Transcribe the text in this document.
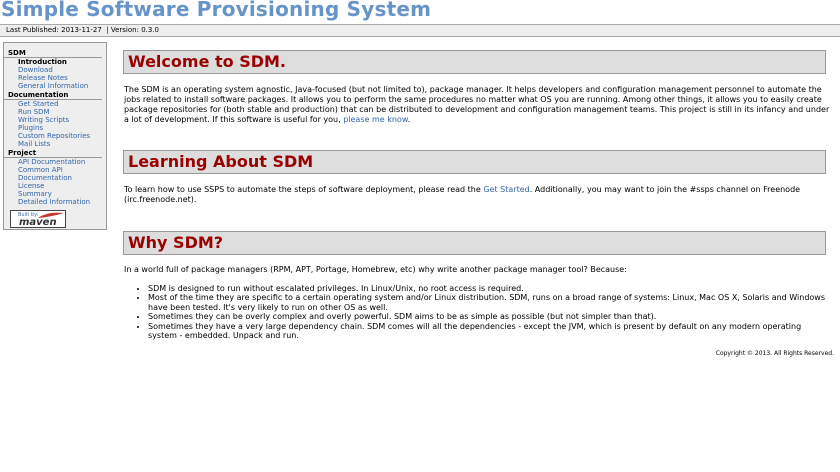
Simple Software Provisioning System
Last Published: 2013-11-27 | Version: 0.3.0
SDM
Introduction
Download
Release Notes
General Information
Documentation
Get Started
Run SDM
Writing Scripts
Plugins
Custom Repositories
Mail Lists
Project
API Documentation
Common API
Documentation
License
Summary
Detailed Information
Built by:
maven
Welcome to SDM.

The SDM is an operating system agnostic, Java-focused (but not limited to), package manager. It helps developers and configuration management personnel to automate the jobs related to install software packages. It allows you to perform the same procedures no matter what OS you are running. Among other things, it allows you to easily create package repositories for (both stable and production) that can be distributed to development and configuration management teams. This project is still in its infancy and under a lot of development. If this software is useful for you, please me know.

Learning About SDM

To learn how to use SSPS to automate the steps of software deployment, please read the Get Started. Additionally, you may want to join the #ssps channel on Freenode (irc.freenode.net).

Why SDM?

In a world full of package managers (RPM, APT, Portage, Homebrew, etc) why write another package manager tool? Because:

• SDM is designed to run without escalated privileges. In Linux/Unix, no root access is required.
• Most of the time they are specific to a certain operating system and/or Linux distribution. SDM, runs on a broad range of systems: Linux, Mac OS X, Solaris and Windows have been tested. It's very likely to run on other OS as well.
• Sometimes they can be overly complex and overly powerful. SDM aims to be as simple as possible (but not simpler than that).
• Sometimes they have a very large dependency chain. SDM comes will all the dependencies - except the JVM, which is present by default on any modern operating system - embedded. Unpack and run.
Copyright © 2013. All Rights Reserved.
